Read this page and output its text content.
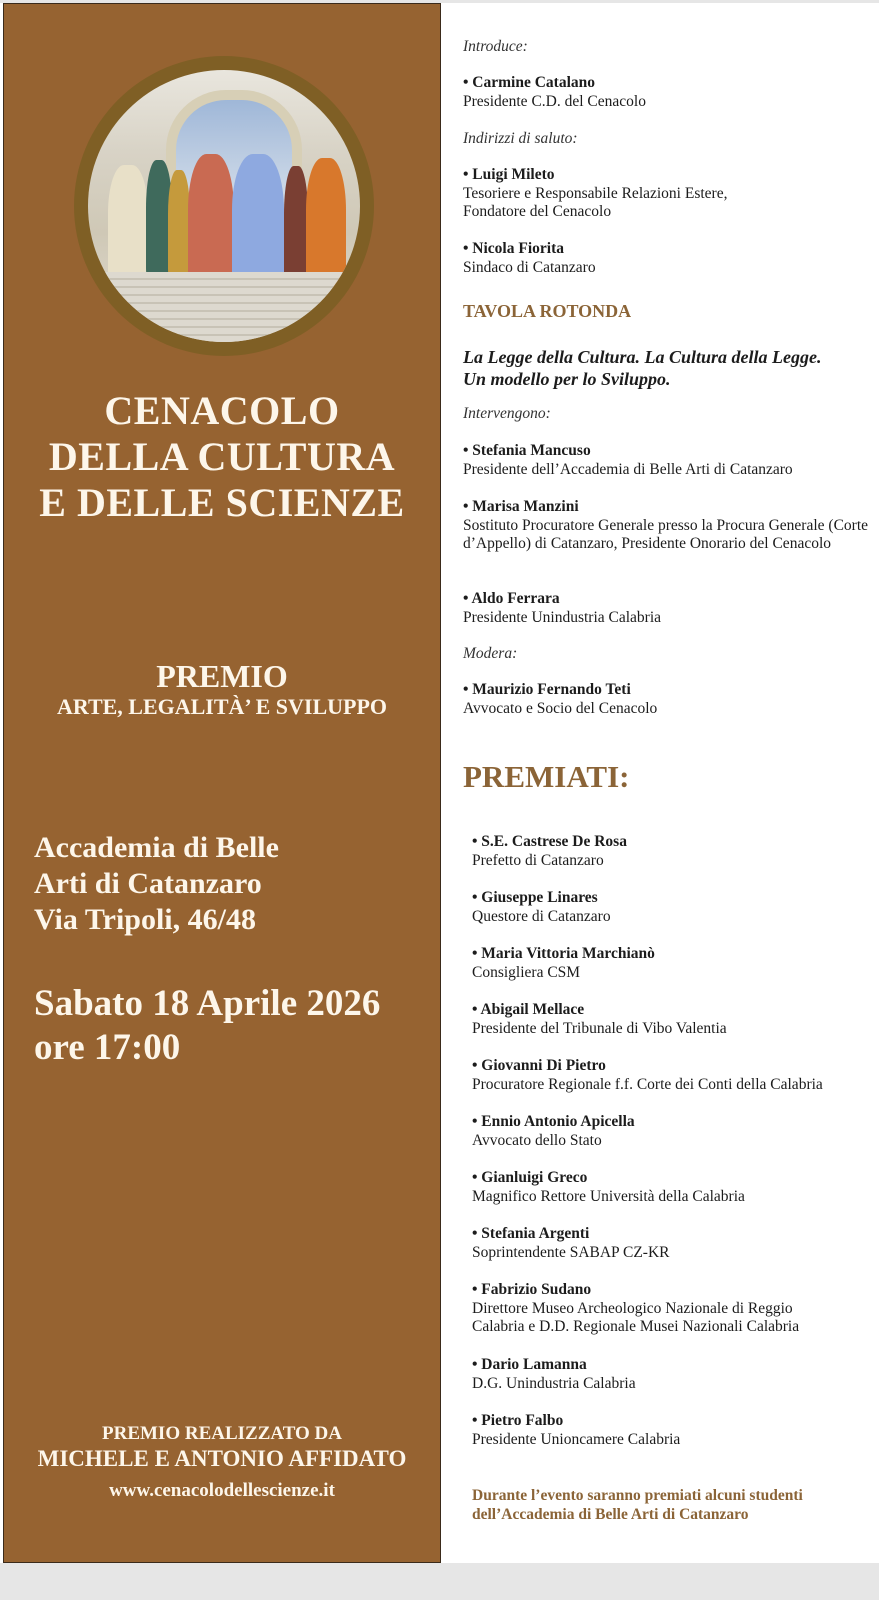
CENACOLO
DELLA CULTURA
E DELLE SCIENZE
PREMIO
ARTE, LEGALITÀ’ E SVILUPPO
Accademia di Belle
Arti di Catanzaro
Via Tripoli, 46/48
Sabato 18 Aprile 2026
ore 17:00
PREMIO REALIZZATO DA
MICHELE E ANTONIO AFFIDATO
www.cenacolodellescienze.it
Introduce:
• Carmine Catalano
Presidente C.D. del Cenacolo
Indirizzi di saluto:
• Luigi Mileto
Tesoriere e Responsabile Relazioni Estere, Fondatore del Cenacolo
• Nicola Fiorita
Sindaco di Catanzaro
TAVOLA ROTONDA
La Legge della Cultura. La Cultura della Legge.
Un modello per lo Sviluppo.
Intervengono:
• Stefania Mancuso
Presidente dell’Accademia di Belle Arti di Catanzaro
• Marisa Manzini
Sostituto Procuratore Generale presso la Procura Generale (Corte d’Appello) di Catanzaro, Presidente Onorario del Cenacolo
• Aldo Ferrara
Presidente Unindustria Calabria
Modera:
• Maurizio Fernando Teti
Avvocato e Socio del Cenacolo
PREMIATI:
• S.E. Castrese De Rosa
Prefetto di Catanzaro
• Giuseppe Linares
Questore di Catanzaro
• Maria Vittoria Marchianò
Consigliera CSM
• Abigail Mellace
Presidente del Tribunale di Vibo Valentia
• Giovanni Di Pietro
Procuratore Regionale f.f. Corte dei Conti della Calabria
• Ennio Antonio Apicella
Avvocato dello Stato
• Gianluigi Greco
Magnifico Rettore Università della Calabria
• Stefania Argenti
Soprintendente SABAP CZ-KR
• Fabrizio Sudano
Direttore Museo Archeologico Nazionale di Reggio Calabria e D.D. Regionale Musei Nazionali Calabria
• Dario Lamanna
D.G. Unindustria Calabria
• Pietro Falbo
Presidente Unioncamere Calabria
Durante l’evento saranno premiati alcuni studenti
dell’Accademia di Belle Arti di Catanzaro
